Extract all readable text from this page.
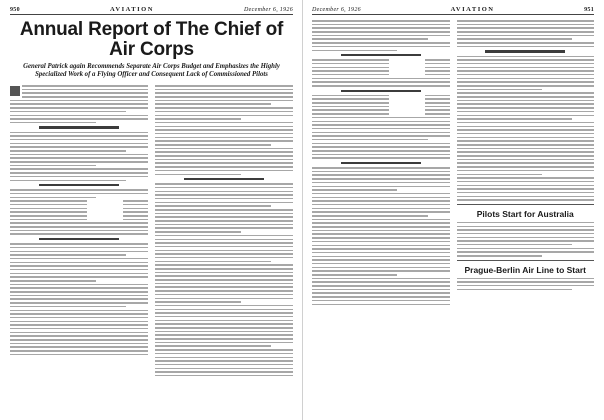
950	AVIATION	December 6, 1926
Annual Report of The Chief of Air Corps
General Patrick again Recommends Separate Air Corps Budget and Emphasizes the Highly Specialized Work of a Flying Officer and Consequent Lack of Commissioned Pilots
December 6, 1926	AVIATION	951
Pilots Start for Australia
Prague-Berlin Air Line to Start
